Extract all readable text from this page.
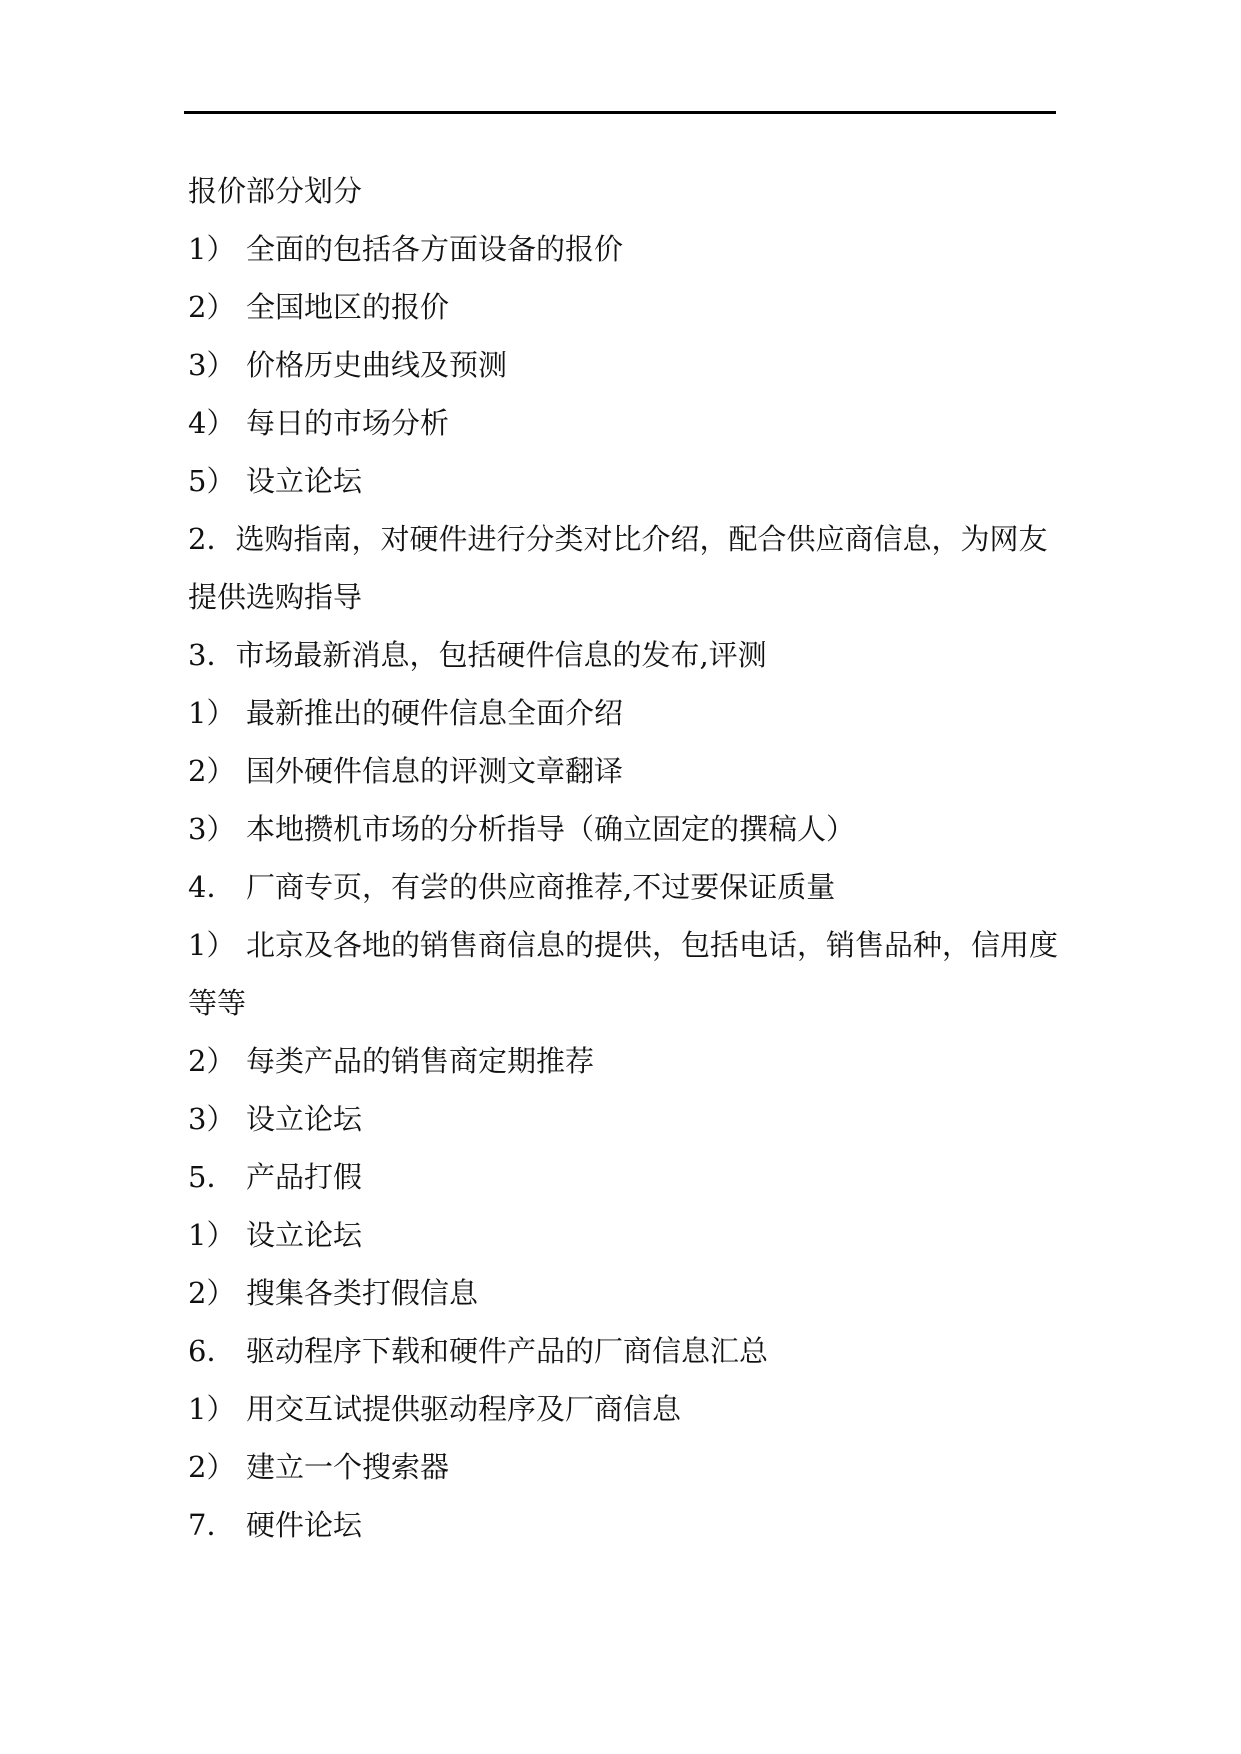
报价部分划分
1） 全面的包括各方面设备的报价
2） 全国地区的报价
3） 价格历史曲线及预测
4） 每日的市场分析
5） 设立论坛
2．选购指南，对硬件进行分类对比介绍，配合供应商信息，为网友提供选购指导
3． 市场最新消息，包括硬件信息的发布,评测
1） 最新推出的硬件信息全面介绍
2） 国外硬件信息的评测文章翻译
3） 本地攒机市场的分析指导（确立固定的撰稿人）
4． 厂商专页，有尝的供应商推荐,不过要保证质量
1） 北京及各地的销售商信息的提供，包括电话，销售品种，信用度等等
2） 每类产品的销售商定期推荐
3） 设立论坛
5． 产品打假
1） 设立论坛
2） 搜集各类打假信息
6． 驱动程序下载和硬件产品的厂商信息汇总
1） 用交互试提供驱动程序及厂商信息
2） 建立一个搜索器
7． 硬件论坛
